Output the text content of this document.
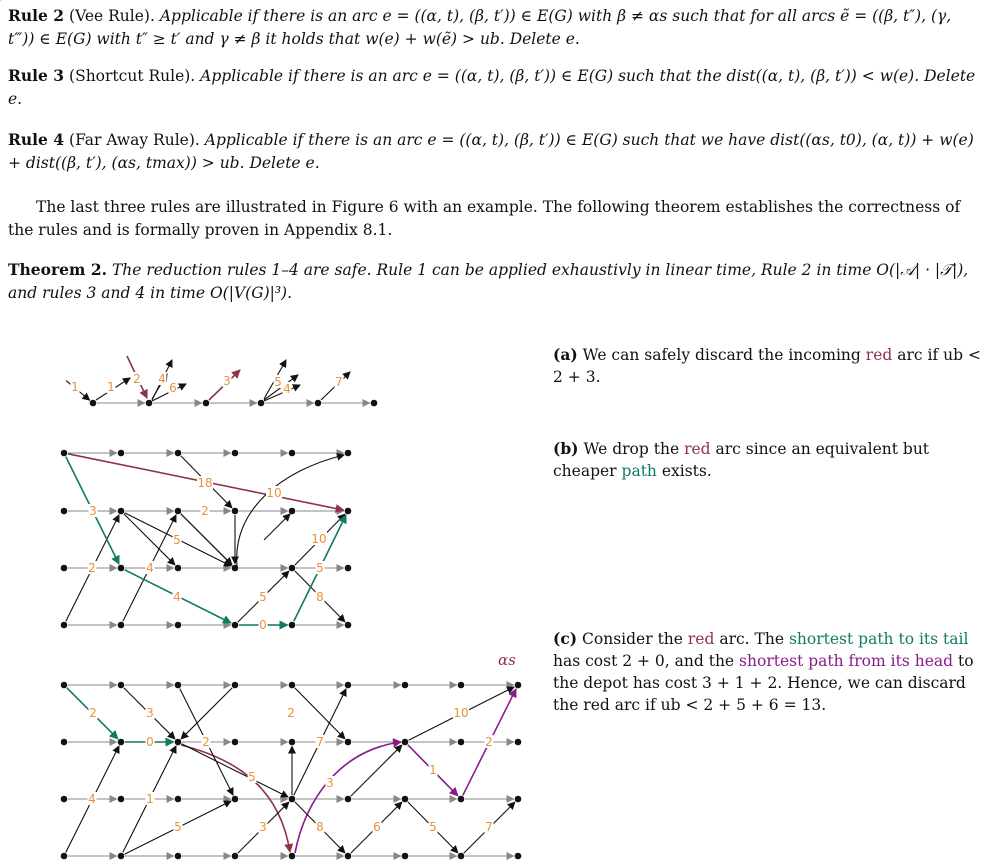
Rule 2 (Vee Rule). Applicable if there is an arc e = ((α, t), (β, t′)) ∈ E(G) with β ≠ αs such that for all arcs ẽ = ((β, t″), (γ, t‴)) ∈ E(G) with t″ ≥ t′ and γ ≠ β it holds that w(e) + w(ẽ) > ub. Delete e.
Rule 3 (Shortcut Rule). Applicable if there is an arc e = ((α, t), (β, t′)) ∈ E(G) such that the dist((α, t), (β, t′)) < w(e). Delete e.
Rule 4 (Far Away Rule). Applicable if there is an arc e = ((α, t), (β, t′)) ∈ E(G) such that we have dist((αs, t0), (α, t)) + w(e) + dist((β, t′), (αs, tmax)) > ub. Delete e.
The last three rules are illustrated in Figure 6 with an example. The following theorem establishes the correctness of the rules and is formally proven in Appendix 8.1.
Theorem 2. The reduction rules 1–4 are safe. Rule 1 can be applied exhaustivly in linear time, Rule 2 in time O(|𝒜| · |𝒯|), and rules 3 and 4 in time O(|V(G)|³).
(a) We can safely discard the incoming red arc if ub < 2 + 3.
(b) We drop the red arc since an equivalent but cheaper path exists.
(c) Consider the red arc. The shortest path to its tail has cost 2 + 0, and the shortest path from its head to the depot has cost 3 + 1 + 2. Hence, we can discard the red arc if ub < 2 + 5 + 6 = 13.
1 1
2 4
6	3	5 4	7
18
10
2
5
5	8
10
3
4
0
5
2	4
2
0
5	3
1
2
3
2
2
7
10
4	1
5	3	8	6	5	7
αs
